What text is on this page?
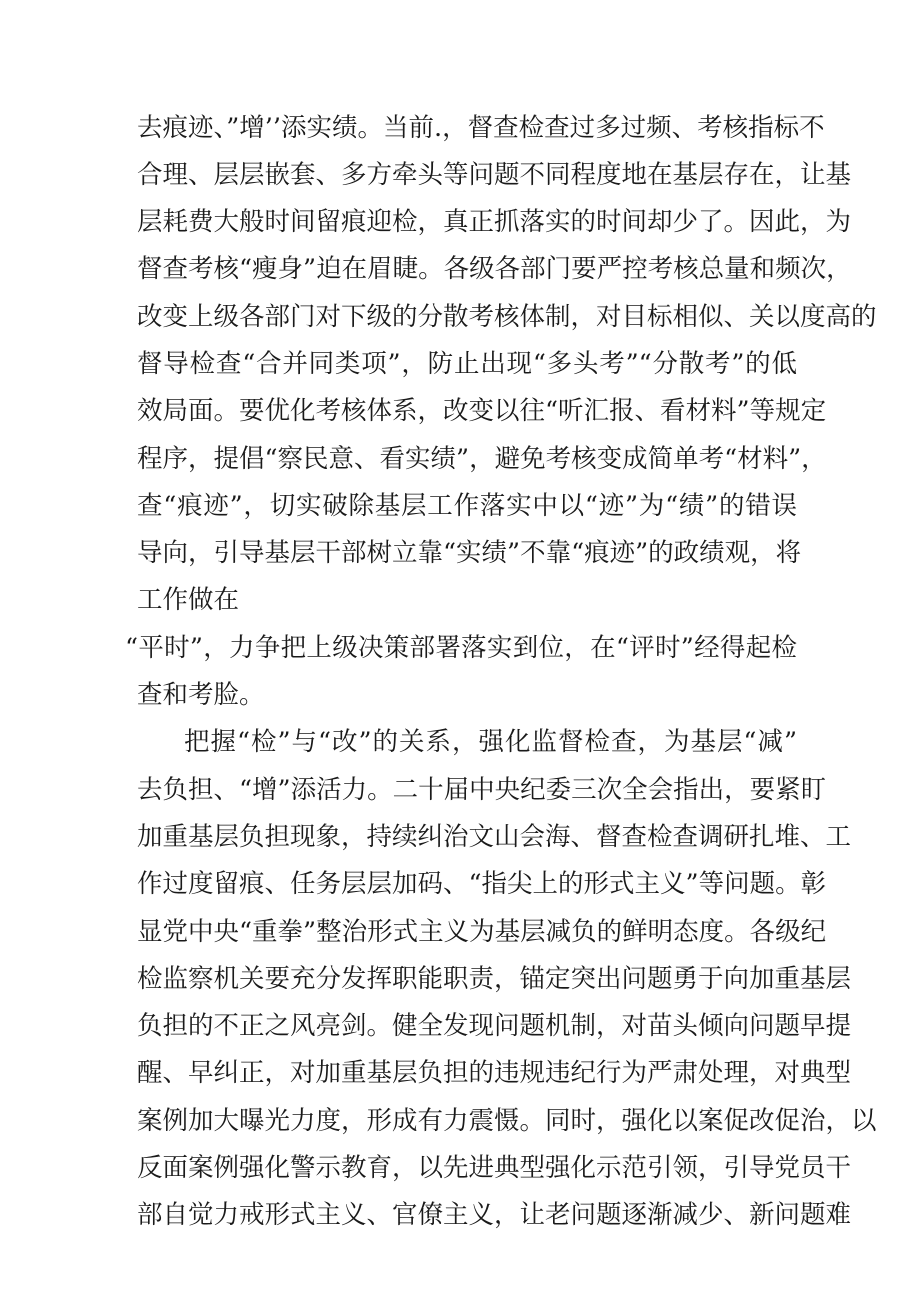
去痕迹、”增’’添实绩。当前.，督查检查过多过频、考核指标不

合理、层层嵌套、多方牵头等问题不同程度地在基层存在，让基

层耗费大般时间留痕迎检，真正抓落实的时间却少了。因此，为

督查考核“瘦身”迫在眉睫。各级各部门要严控考核总量和频次，

改变上级各部门对下级的分散考核体制，对目标相似、关以度高的

督导检查“合并同类项”，防止出现“多头考”“分散考”的低

效局面。要优化考核体系，改变以往“听汇报、看材料”等规定

程序，提倡“察民意、看实绩”，避免考核变成简单考“材料”，

查“痕迹”，切实破除基层工作落实中以“迹”为“绩”的错误

导向，引导基层干部树立靠“实绩”不靠“痕迹”的政绩观，将

工作做在

“平时”，力争把上级决策部署落实到位，在“评时”经得起检

查和考脸。

把握“检”与“改”的关系，强化监督检查，为基层“减”

去负担、“增”添活力。二十届中央纪委三次全会指出，要紧盯

加重基层负担现象，持续纠治文山会海、督查检查调研扎堆、工

作过度留痕、任务层层加码、“指尖上的形式主义”等问题。彰

显党中央“重拳”整治形式主义为基层减负的鲜明态度。各级纪

检监察机关要充分发挥职能职责，锚定突出问题勇于向加重基层

负担的不正之风亮剑。健全发现问题机制，对苗头倾向问题早提

醒、早纠正，对加重基层负担的违规违纪行为严肃处理，对典型

案例加大曝光力度，形成有力震慑。同时，强化以案促改促治，以

反面案例强化警示教育，以先进典型强化示范引领，引导党员干

部自觉力戒形式主义、官僚主义，让老问题逐渐减少、新问题难
